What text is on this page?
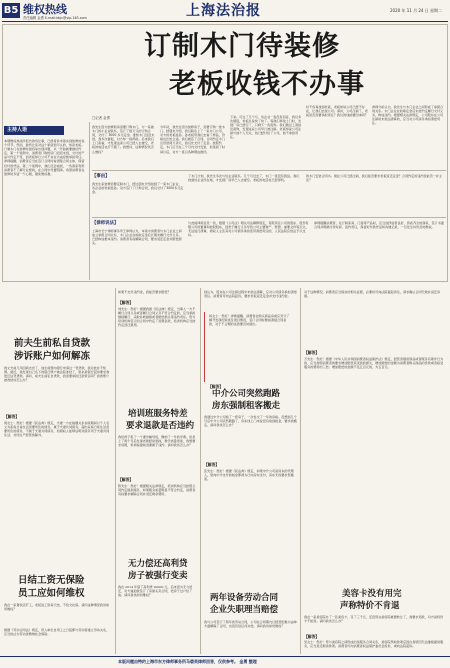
B5 维权热线
责任编辑 金勇 E-mail:bkjc@vip.163.com	上海法治报	2020 年 11 月 24 日 星期二
订制木门待装修
老板收钱不办事
主持人语
本期维权热线所报告的诉讼事，已经将诉求落实到装修的各个环节。然而，最终让家对这个承诺到尽头的，却是老板。订制木门在装修时最容易出现问题，从一开始就要做好约定。第一个案例中，消费者订购的房门迟迟未到，交付的产品与约定不符，而老板却以公司不存在为由拒绝承担责任。律师提醒，消费者应当在签订合同时看清楚合同主体，保留好付款凭证。第二个案例中，我们还会看到，一些商家利用消费者不了解行业规则，在合同中设置陷阱。希望消费者在装修时多留一个心眼，避免维权难。
□记者 金勇
我先生因为装修新房需要订购木门，与一家做木门的小企业联系，签订了数万元的订购合同，交付了 3000 多元定金。谁知木门迟迟未到，我多次催促，对方却一拖再拖。后来我们上门查看，才发现这家公司已经人去楼空，老板的电话也打不通了。我想问，这种情况该怎么维权？
今年初，我先生因为装修房子，需要订购一批木门。经朋友介绍，我们联系上了一家木门公司，对方的老板姓孙。孙老板带我们去看了样品，价格也比较合适，我们就签了合同。合同约定木门总价款两万余元，我们先支付了定金。按照约定，木门应当在三个月内交付安装，但是到了时间以后，对方一直以各种理由推托。
下来。可过了几个月，该企业一直没有回音，我们多次催促，老板总说快了快了。等我们再找上门时，发现厂房已经空了，只剩下一些废料。我们通过工商信息查询，发现这家公司早已被注销。老板却说公司注销与他个人无关，钱已经付给了公司，他不承担责任。
好不容易找到老板，老板却说公司已经不存在，让我们去找公司。请问，公司注销了，老板是否需要承担责任？我们的钱能要回来吗？
律师分析认为，我先生与木门企业之间形成了承揽合同关系。木门企业在收取定金后未按约定履行交付义务，构成违约。根据相关法律规定，公司股东在公司注销时未依法清算的，应当对公司债务承担清偿责任。
【事由】
我先生家装修需要定制木门，经过朋友介绍找到了一家木门企业，该企业的老板姓孙。双方签订了订购合同，我们交付了3000多元定金。
了木门计划，我先生多次与该企业联系。几个月过去了，木门一直没有到货。我们找到该企业所在地，才发现厂房早已人去楼空。老板的电话也已经停机。
的木门安装合同书。现在公司已经注销，我们能否要求老板返还定金？合同约定的违约金能否一并主张？
【律师说法】
上海市长宁律师事务所王律师认为，本案中消费者与木门企业之间成立承揽合同关系，木门企业在收取定金后长期未履行交付义务，已经构成根本违约。消费者有权解除合同，要求返还定金并赔偿损失。
与此前律师意见一致，根据《公司法》相关司法解释规定，有限责任公司的股东、股份有限公司的董事和控股股东，因怠于履行义务导致公司主要财产、账册、重要文件等灭失，无法进行清算，债权人主张其对公司债务承担连带清偿责任的，人民法院应依法予以支持。
律师提醒消费者，在订制家具、门窗等产品时，应当选择信誉良好、资质齐全的商家，签订书面合同并明确交付时间、违约责任，保留好付款凭证和沟通记录，一旦发生纠纷及时维权。
前夫生前私自贷款
涉诉账户如何解冻
我丈夫前几年因病去世了，他生前曾向银行申请过一笔贷款，我对此并不知情。最近，我发现自己名下的银行账户被法院冻结了，原来是银行起诉要求我偿还这笔贷款。请问，前夫生前私自贷款，我需要承担还款责任吗？我的账户被冻结该怎么办？
【解答】
周女士：您好！根据《民法典》规定，夫妻一方在婚姻关系存续期间以个人名义为家庭日常生活需要所负的债务，属于夫妻共同债务。超出家庭日常生活需要所负的债务，不属于夫妻共同债务，但债权人能够证明该债务用于夫妻共同生活、共同生产经营的除外。
日结工资无保险
员工应如何维权
我在一家餐饮店打工，老板说工资每天结，不给交社保。请问这种情况我该如何维权？
根据《劳动合同法》规定，用人单位自用工之日起即与劳动者建立劳动关系，应当依法为劳动者缴纳社会保险。
如果不支付违约金，我能否要求赔偿？
【解答】
刘先生：您好！根据我国《民法典》规定，当事人一方不履行合同义务或者履行合同义务不符合约定的，应当承担继续履行、采取补救措施或者赔偿损失等违约责任。您与培训机构签订的合同中约定了退费条款，培训机构应当按约定退还费用。
培训班服务特差
要求退款是否违约
我给孩子报了一个课外辅导班，缴纳了一年的学费。但是上了两个月后发现老师经常更换，教学质量很差，我想要求退费，机构说提前退课属于违约。请问我该怎么办？
【解答】
陈先生：您好！根据相关法律规定，培训机构应当按照合同约定提供服务，如果服务质量明显不符合约定，消费者有权要求解除合同并退还剩余费用。
无力偿还高利贷
房子被强行变卖
我在 2014 年借了高利贷 20000 元，后来因为无力偿还，对方逼迫我签订了房屋买卖合同，把房子过户给了他。请问我该如何维权？
则认为，股东在公司注销过程中未依法清算，应对公司债务承担清偿责任。消费者可向法院起诉，要求老板返还定金并支付违约金。
【解答】
杨女士：您好！律师提醒，消费者在购买商品房前应充分了解开发商的资质及项目情况，签订合同时要看清楚合同条款，对于不合理的条款要及时提出。
中介公司突然跑路
房东强制租客搬走
我通过中介公司租了一套房子，一次性交了一年的房租。没想到几个月后中介公司突然跑路了，房东找上门来说没有收到租金，要求我搬走。请问我该怎么办？
【解答】
张先生：您好！根据《民法典》规定，如果中介公司是房东的代理人，您向中介支付的租金即视为已向房东支付，房东无权要求您搬离。
两年设备劳动合同
企业失职理当赔偿
我与公司签订了两年的劳动合同，公司在合同期内以经营困难为由单方面解除了合同，也没有给任何补偿。请问我该如何维权？
对于这种情况，消费者应当保存好相关证据，必要时可向法院提起诉讼，请求确认合同无效并返还房屋。
【解答】
万先生：您好！根据《中华人民共和国消费者权益保护法》规定，经营者提供商品或者服务有欺诈行为的，应当按照消费者的要求增加赔偿其受到的损失，增加赔偿的金额为消费者购买商品的价款或者接受服务的费用的三倍；增加赔偿的金额不足五百元的，为五百元。
美容卡没有用完
声称特价不肯退
我在一家美容院办了一张美容卡，花了三千元，还没用完美容院就要转让了，我要求退款，对方说特价卡不能退。请问我该怎么办？
【解答】
吴女士：您好！您与美容院之间形成的是服务合同关系，美容院预收款项后因自身原因无法继续提供服务，应当退还剩余款项。消费者可向消费者权益保护委员会投诉，或向法院起诉。
本版问题由特约上海市东方律师事务所马碧英律师回答，仅供参考。 金勇 整理
